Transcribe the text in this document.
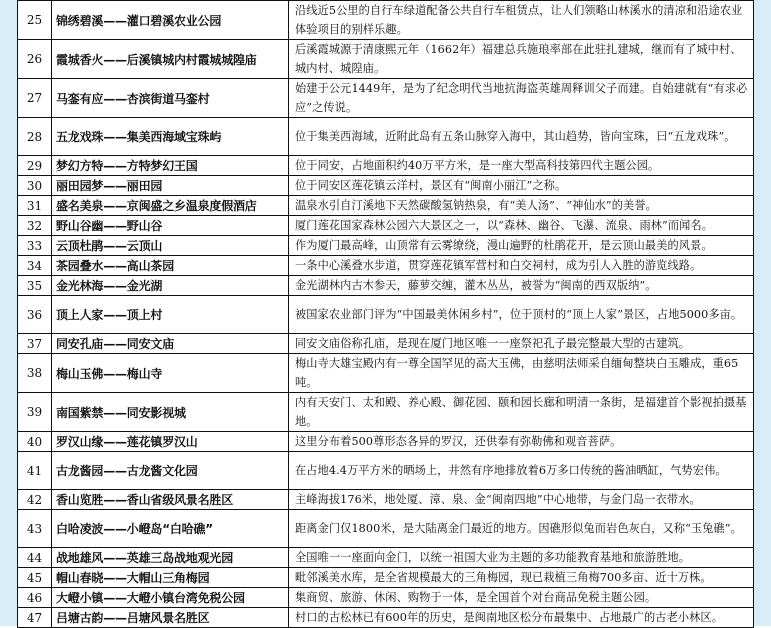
25	锦绣碧溪——灌口碧溪农业公园	沿线近5公里的自行车绿道配备公共自行车租赁点，让人们领略山林溪水的清凉和沿途农业体验项目的别样乐趣。
26	霞城香火——后溪镇城内村霞城城隍庙	后溪霞城源于清康熙元年（1662年）福建总兵施琅率部在此驻扎建城，继而有了城中村、城内村、城隍庙。
27	马銮有应——杏滨街道马銮村	始建于公元1449年，是为了纪念明代当地抗海盗英雄周释训父子而建。自始建就有“有求必应”之传说。
28	五龙戏珠——集美西海域宝珠屿	位于集美西海域，近附此岛有五条山脉穿入海中，其山趋势，皆向宝珠，曰“五龙戏珠”。
29	梦幻方特——方特梦幻王国	位于同安，占地面积约40万平方米，是一座大型高科技第四代主题公园。
30	丽田园梦——丽田园	位于同安区莲花镇云洋村，景区有“闽南小丽江”之称。
31	盛名美泉——京闽盛之乡温泉度假酒店	温泉水引自汀溪地下天然碳酸氢钠热泉，有“美人汤”、“神仙水”的美誉。
32	野山谷幽——野山谷	厦门莲花国家森林公园六大景区之一，以“森林、幽谷、飞瀑、流泉、雨林”而闻名。
33	云顶杜鹃——云顶山	作为厦门最高峰，山顶常有云雾缭绕，漫山遍野的杜鹃花开，是云顶山最美的风景。
34	茶园叠水——高山茶园	一条中心溪叠水步道，贯穿莲花镇军营村和白交祠村，成为引人入胜的游览线路。
35	金光林海——金光湖	金光湖林内古木参天，藤萝交缠，灌木丛丛，被誉为“闽南的西双版纳”。
36	顶上人家——顶上村	被国家农业部门评为“中国最美休闲乡村”，位于顶村的“顶上人家”景区，占地5000多亩。
37	同安孔庙——同安文庙	同安文庙俗称孔庙，是现在厦门地区唯一一座祭祀孔子最完整最大型的古建筑。
38	梅山玉佛——梅山寺	梅山寺大雄宝殿内有一尊全国罕见的高大玉佛，由慈明法师采自缅甸整块白玉雕成，重65吨。
39	南国紫禁——同安影视城	内有天安门、太和殿、养心殿、御花园、颐和园长廊和明清一条街，是福建首个影视拍摄基地。
40	罗汉山缘——莲花镇罗汉山	这里分布着500尊形态各异的罗汉，还供奉有弥勒佛和观音菩萨。
41	古龙酱园——古龙酱文化园	在占地4.4万平方米的晒场上，井然有序地排放着6万多口传统的酱油晒缸，气势宏伟。
42	香山览胜——香山省级风景名胜区	主峰海拔176米，地处厦、漳、泉、金“闽南四地”中心地带，与金门岛一衣带水。
43	白哈凌波——小嶝岛“白哈礁”	距离金门仅1800米，是大陆离金门最近的地方。因礁形似兔而岩色灰白，又称“玉兔礁”。
44	战地雄风——英雄三岛战地观光园	全国唯一一座面向金门，以统一祖国大业为主题的多功能教育基地和旅游胜地。
45	帽山春晓——大帽山三角梅园	毗邻溪美水库，是全省规模最大的三角梅园，现已栽植三角梅700多亩、近十万株。
46	大嶝小镇——大嶝小镇台湾免税公园	集商贸、旅游、休闲、购物于一体，是全国首个对台商品免税主题公园。
47	吕塘古韵——吕塘风景名胜区	村口的古松林已有600年的历史，是闽南地区松分布最集中、占地最广的古老小林区。
